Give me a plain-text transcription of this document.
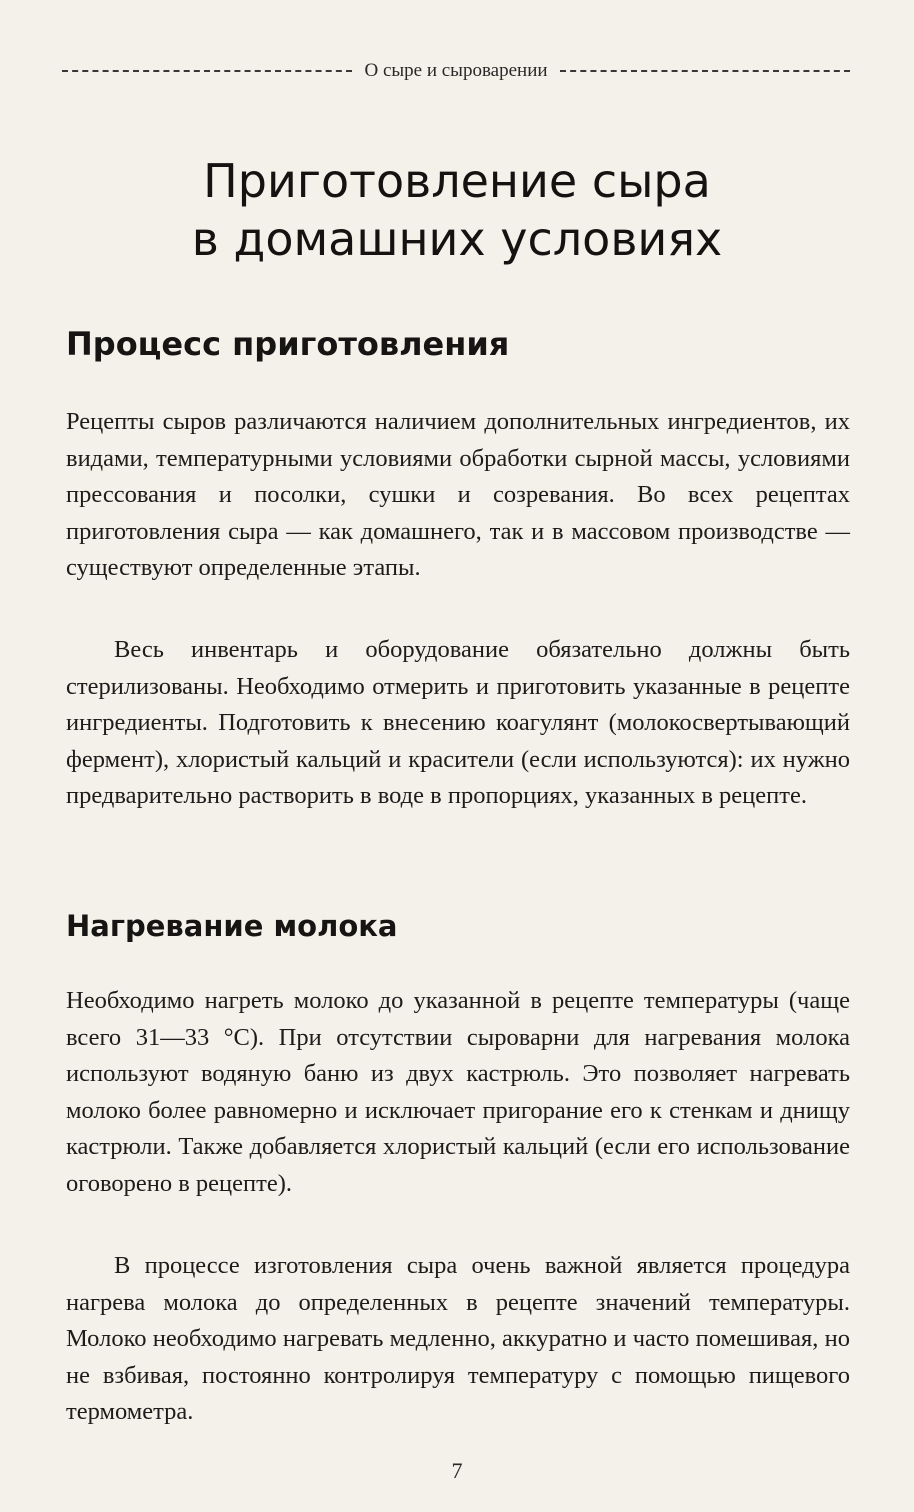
О сыре и сыроварении
Приготовление сыра
в домашних условиях
Процесс приготовления

Рецепты сыров различаются наличием дополнительных ингредиентов, их видами, температурными условиями обработки сырной массы, условиями прессования и посолки, сушки и созревания. Во всех рецептах приготовления сыра — как домашнего, так и в массовом производстве — существуют определенные этапы.

Весь инвентарь и оборудование обязательно должны быть стерилизованы. Необходимо отмерить и приготовить указанные в рецепте ингредиенты. Подготовить к внесению коагулянт (молокосвертывающий фермент), хлористый кальций и красители (если используются): их нужно предварительно растворить в воде в пропорциях, указанных в рецепте.

Нагревание молока

Необходимо нагреть молоко до указанной в рецепте температуры (чаще всего 31—33 °С). При отсутствии сыроварни для нагревания молока используют водяную баню из двух кастрюль. Это позволяет нагревать молоко более равномерно и исключает пригорание его к стенкам и днищу кастрюли. Также добавляется хлористый кальций (если его использование оговорено в рецепте).

В процессе изготовления сыра очень важной является процедура нагрева молока до определенных в рецепте значений температуры. Молоко необходимо нагревать медленно, аккуратно и часто помешивая, но не взбивая, постоянно контролируя температуру с помощью пищевого термометра.

7
